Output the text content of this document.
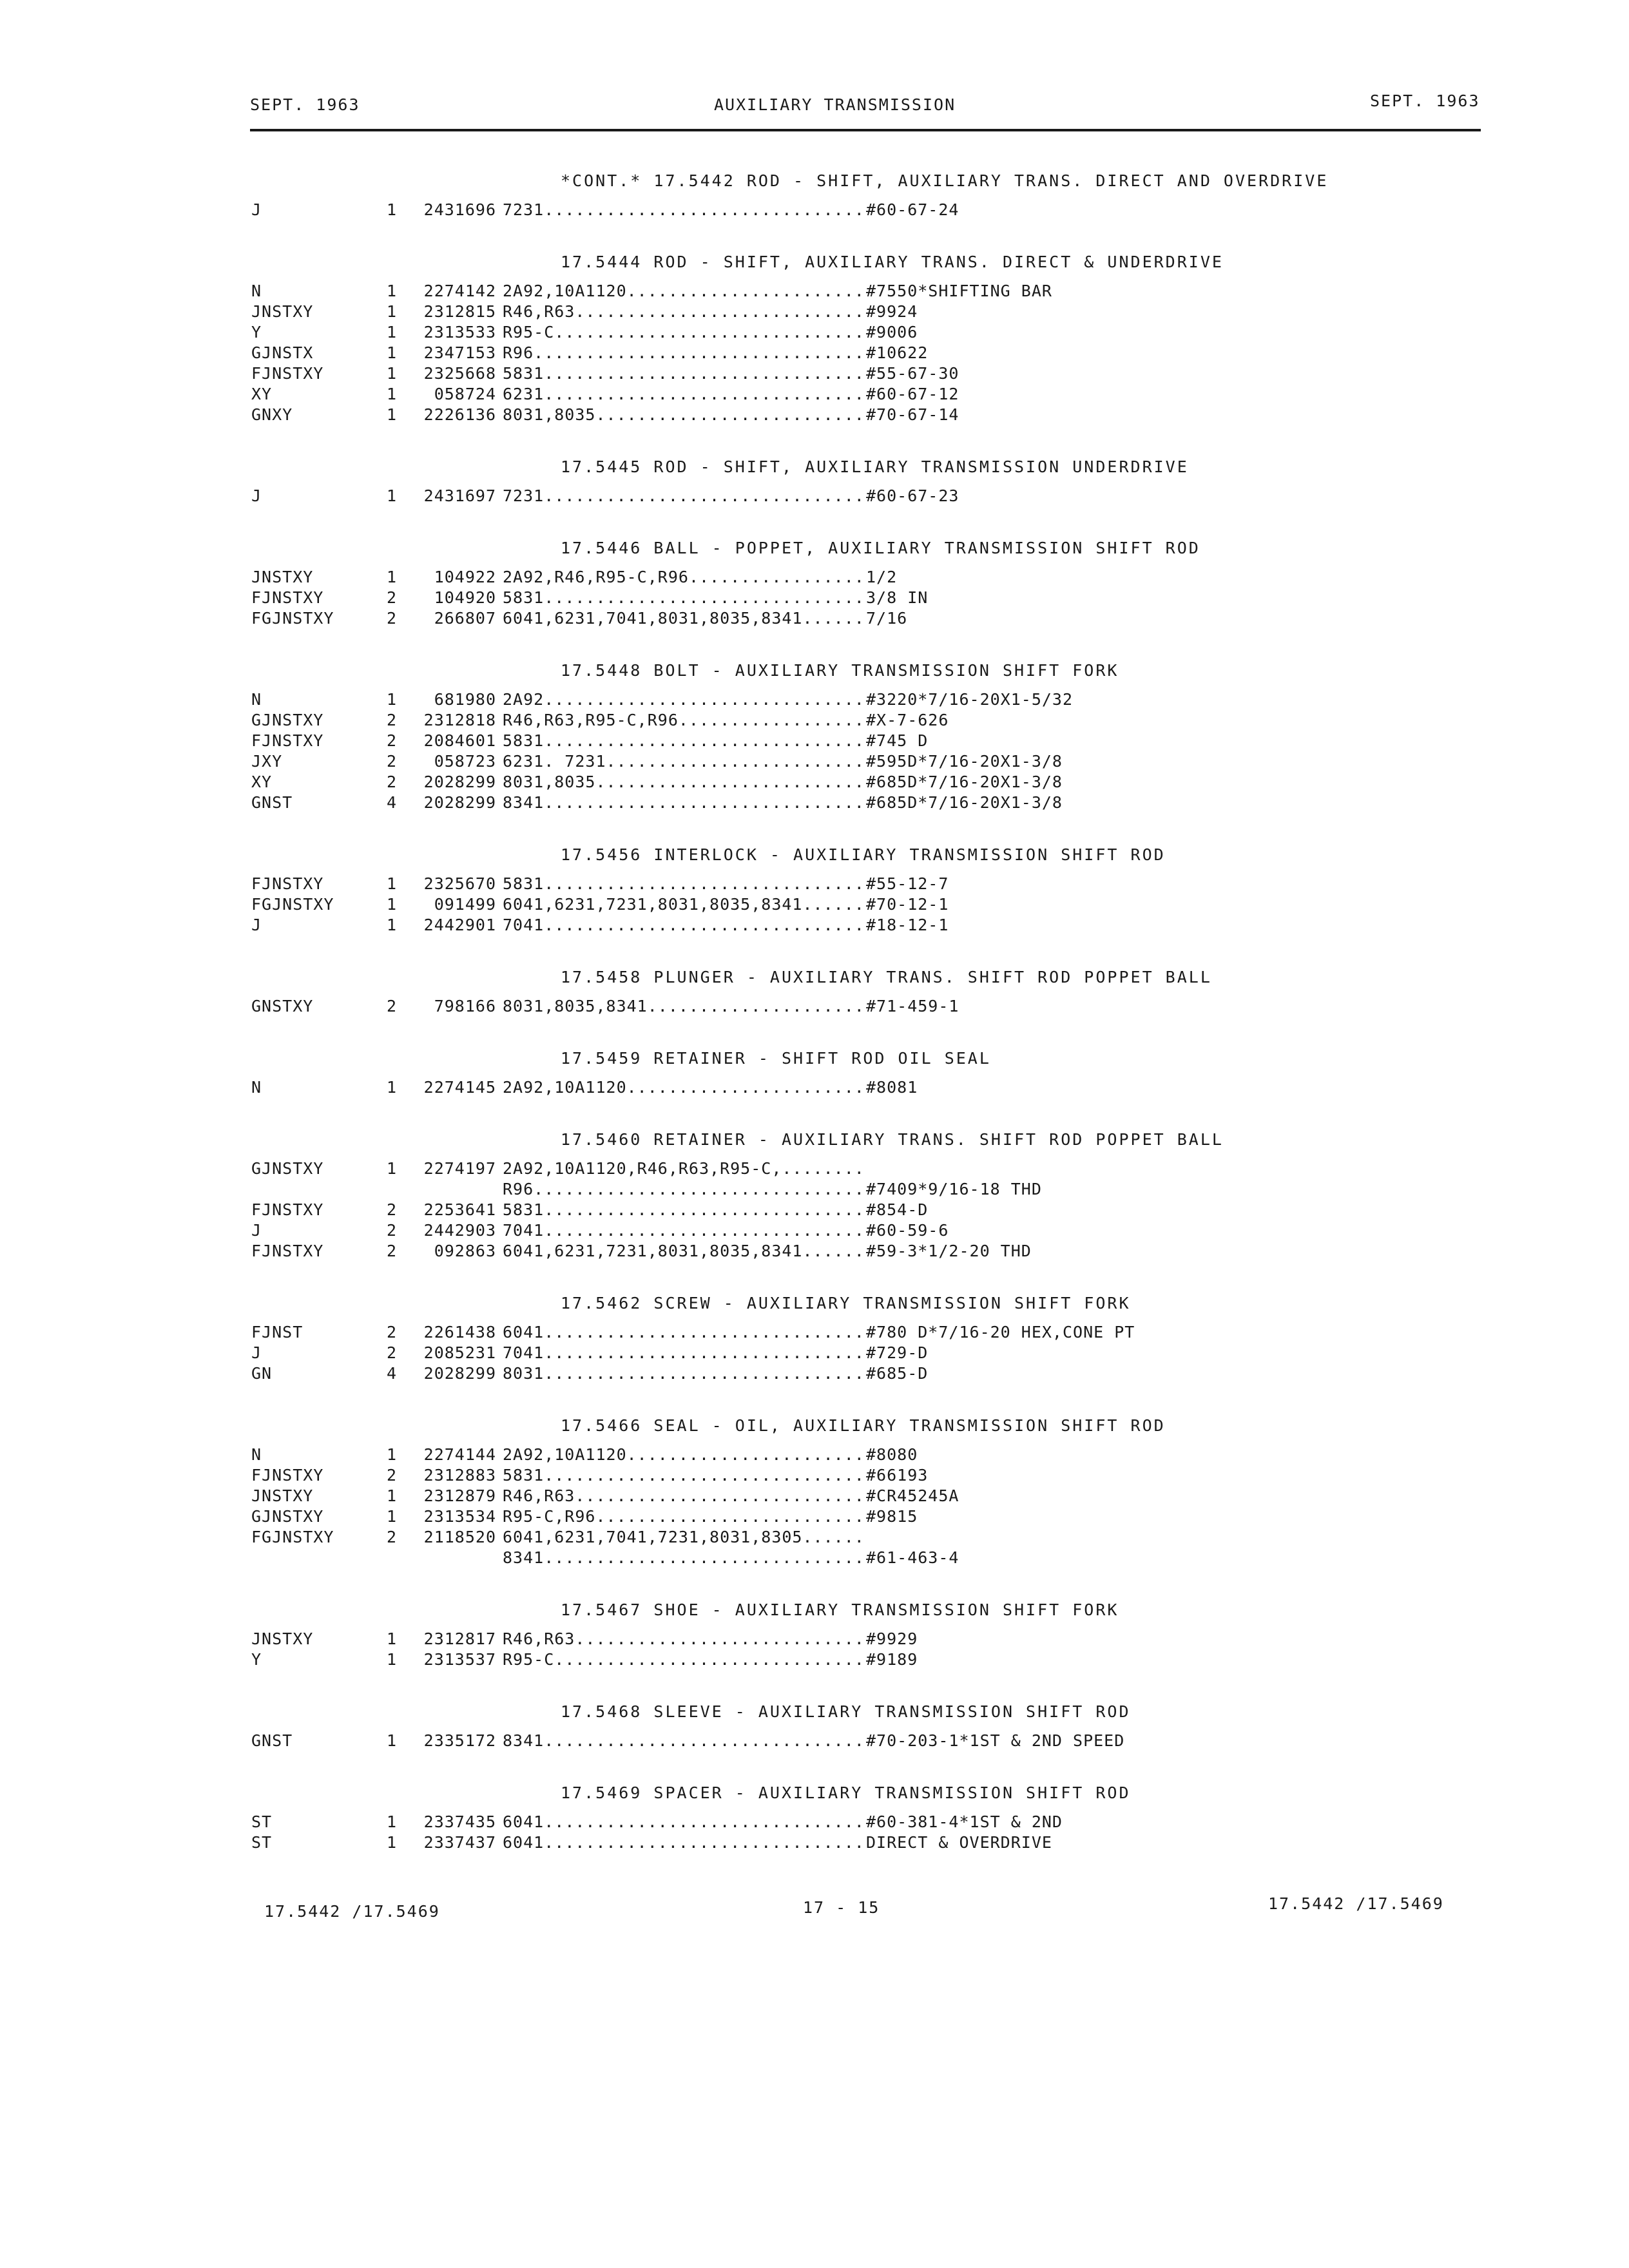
SEPT. 1963	AUXILIARY TRANSMISSION	SEPT. 1963
*CONT.* 17.5442 ROD - SHIFT, AUXILIARY TRANS. DIRECT AND OVERDRIVE
J	1	2431696 7231 .....	#60-67-24
17.5444 ROD - SHIFT, AUXILIARY TRANS. DIRECT & UNDERDRIVE
N	1	2274142 2A92,10A1120 .....	#7550*SHIFTING BAR
JNSTXY	1	2312815 R46,R63 .....	#9924
Y	1	2313533 R95-C .....	#9006
GJNSTX	1	2347153 R96 .....	#10622
FJNSTXY	1	2325668 5831 .....	#55-67-30
XY	1	058724 6231 .....	#60-67-12
GNXY	1	2226136 8031,8035 .....	#70-67-14
17.5445 ROD - SHIFT, AUXILIARY TRANSMISSION UNDERDRIVE
J	1	2431697 7231 .....	#60-67-23
17.5446 BALL - POPPET, AUXILIARY TRANSMISSION SHIFT ROD
JNSTXY	1	104922 2A92,R46,R95-C,R96 .....	1/2
FJNSTXY	2	104920 5831 .....	3/8 IN
FGJNSTXY	2	266807 6041,6231,7041,8031,8035,8341 .....	7/16
17.5448 BOLT - AUXILIARY TRANSMISSION SHIFT FORK
N	1	681980 2A92 .....	#3220*7/16-20X1-5/32
GJNSTXY	2	2312818 R46,R63,R95-C,R96 .....	#X-7-626
FJNSTXY	2	2084601 5831 .....	#745 D
JXY	2	058723 6231. 7231 .....	#595D*7/16-20X1-3/8
XY	2	2028299 8031,8035 .....	#685D*7/16-20X1-3/8
GNST	4	2028299 8341 .....	#685D*7/16-20X1-3/8
17.5456 INTERLOCK - AUXILIARY TRANSMISSION SHIFT ROD
FJNSTXY	1	2325670 5831 .....	#55-12-7
FGJNSTXY	1	091499 6041,6231,7231,8031,8035,8341 .....	#70-12-1
J	1	2442901 7041 .....	#18-12-1
17.5458 PLUNGER - AUXILIARY TRANS. SHIFT ROD POPPET BALL
GNSTXY	2	798166 8031,8035,8341 .....	#71-459-1
17.5459 RETAINER - SHIFT ROD OIL SEAL
N	1	2274145 2A92,10A1120 .....	#8081
17.5460 RETAINER - AUXILIARY TRANS. SHIFT ROD POPPET BALL
GJNSTXY	1	2274197 2A92,10A1120,R46,R63,R95-C,.. .....
R96 .....	#7409*9/16-18 THD
FJNSTXY	2	2253641 5831 .....	#854-D
J	2	2442903 7041 .....	#60-59-6
FJNSTXY	2	092863 6041,6231,7231,8031,8035,8341 .....	#59-3*1/2-20 THD
17.5462 SCREW - AUXILIARY TRANSMISSION SHIFT FORK
FJNST	2	2261438 6041 .....	#780 D*7/16-20 HEX,CONE PT
J	2	2085231 7041 .....	#729-D
GN	4	2028299 8031 .....	#685-D
17.5466 SEAL - OIL, AUXILIARY TRANSMISSION SHIFT ROD
N	1	2274144 2A92,10A1120 .....	#8080
FJNSTXY	2	2312883 5831 .....	#66193
JNSTXY	1	2312879 R46,R63 .....	#CR45245A
GJNSTXY	1	2313534 R95-C,R96 .....	#9815
FGJNSTXY	2	2118520 6041,6231,7041,7231,8031,8305 .....
8341 .....	#61-463-4
17.5467 SHOE - AUXILIARY TRANSMISSION SHIFT FORK
JNSTXY	1	2312817 R46,R63 .....	#9929
Y	1	2313537 R95-C .....	#9189
17.5468 SLEEVE - AUXILIARY TRANSMISSION SHIFT ROD
GNST	1	2335172 8341 .....	#70-203-1*1ST & 2ND SPEED
17.5469 SPACER - AUXILIARY TRANSMISSION SHIFT ROD
ST	1	2337435 6041 .....	#60-381-4*1ST & 2ND
ST	1	2337437 6041 .....	DIRECT & OVERDRIVE
17.5442 /17.5469	17 - 15	17.5442 /17.5469
